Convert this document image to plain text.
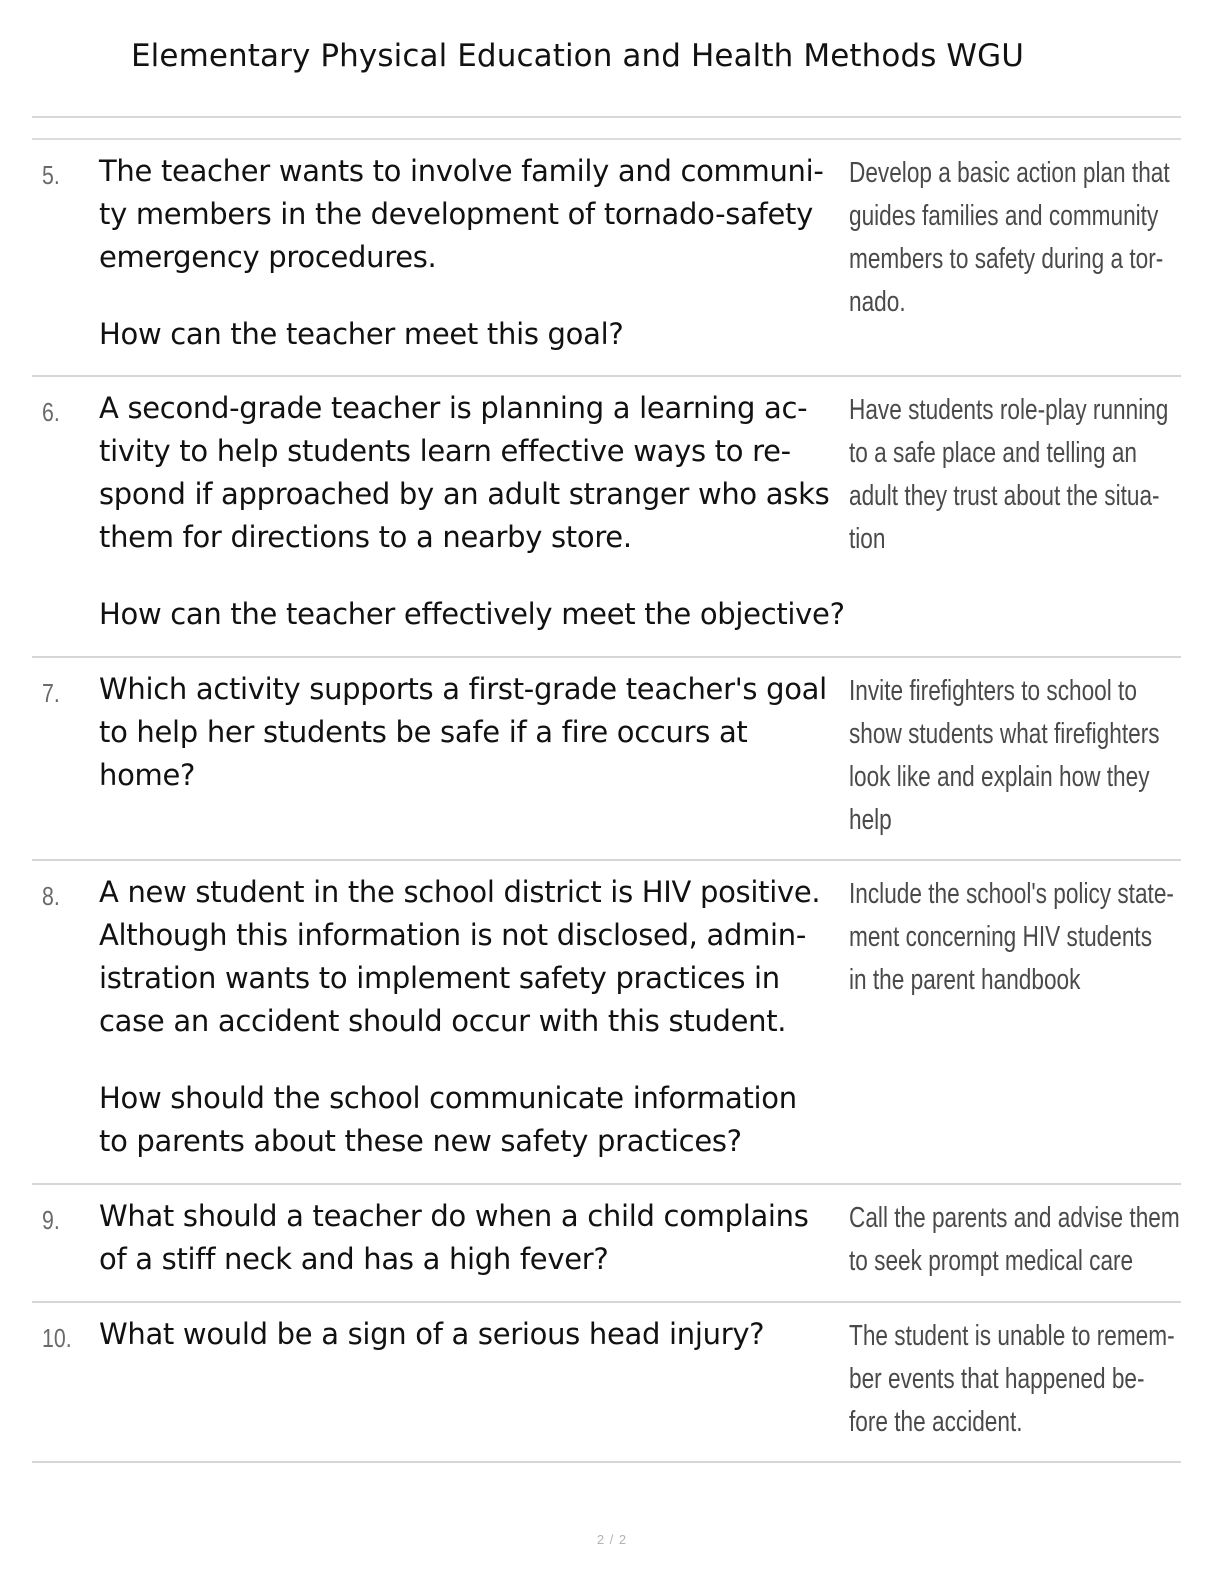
Elementary Physical Education and Health Methods WGU
5. The teacher wants to involve family and communi-
ty members in the development of tornado-safety
emergency procedures.
How can the teacher meet this goal?
Develop a basic action plan that
guides families and community
members to safety during a tor-
nado.
6. A second-grade teacher is planning a learning ac-
tivity to help students learn effective ways to re-
spond if approached by an adult stranger who asks
them for directions to a nearby store.
How can the teacher effectively meet the objective?
Have students role-play running
to a safe place and telling an
adult they trust about the situa-
tion
7. Which activity supports a first-grade teacher's goal
to help her students be safe if a fire occurs at
home?
Invite firefighters to school to
show students what firefighters
look like and explain how they
help
8. A new student in the school district is HIV positive.
Although this information is not disclosed, admin-
istration wants to implement safety practices in
case an accident should occur with this student.
How should the school communicate information
to parents about these new safety practices?
Include the school's policy state-
ment concerning HIV students
in the parent handbook
9. What should a teacher do when a child complains
of a stiff neck and has a high fever?
Call the parents and advise them
to seek prompt medical care
10. What would be a sign of a serious head injury?	The student is unable to remem-
ber events that happened be-
fore the accident.
2 / 2
